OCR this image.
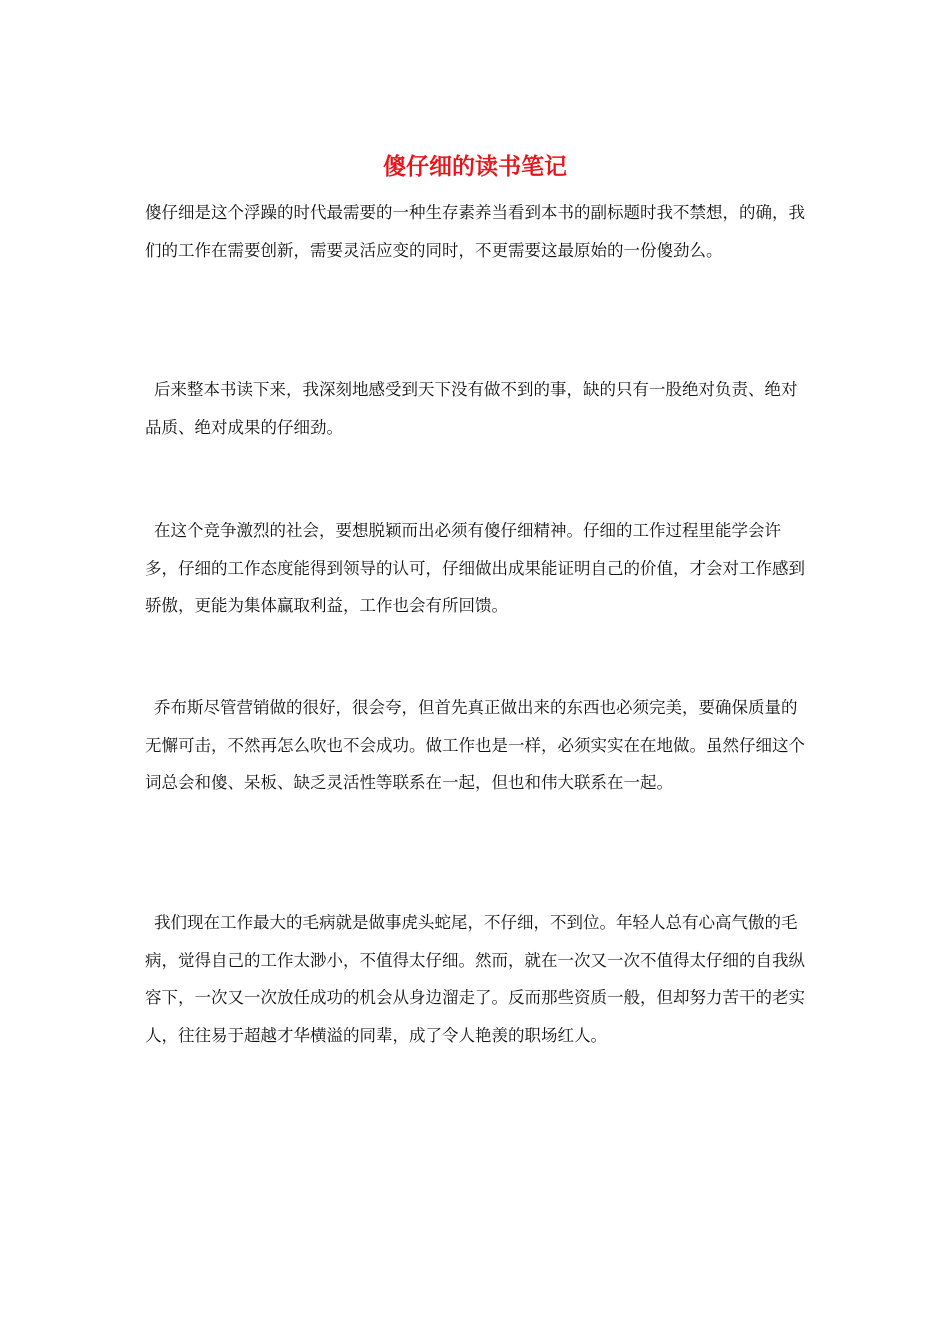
傻仔细的读书笔记

傻仔细是这个浮躁的时代最需要的一种生存素养当看到本书的副标题时我不禁想，的确，我们的工作在需要创新，需要灵活应变的同时，不更需要这最原始的一份傻劲么。

后来整本书读下来，我深刻地感受到天下没有做不到的事，缺的只有一股绝对负责、绝对品质、绝对成果的仔细劲。

在这个竞争激烈的社会，要想脱颖而出必须有傻仔细精神。仔细的工作过程里能学会许多，仔细的工作态度能得到领导的认可，仔细做出成果能证明自己的价值，才会对工作感到骄傲，更能为集体赢取利益，工作也会有所回馈。

乔布斯尽管营销做的很好，很会夸，但首先真正做出来的东西也必须完美，要确保质量的无懈可击，不然再怎么吹也不会成功。做工作也是一样，必须实实在在地做。虽然仔细这个词总会和傻、呆板、缺乏灵活性等联系在一起，但也和伟大联系在一起。

我们现在工作最大的毛病就是做事虎头蛇尾，不仔细，不到位。年轻人总有心高气傲的毛病，觉得自己的工作太渺小，不值得太仔细。然而，就在一次又一次不值得太仔细的自我纵容下，一次又一次放任成功的机会从身边溜走了。反而那些资质一般，但却努力苦干的老实人，往往易于超越才华横溢的同辈，成了令人艳羡的职场红人。
